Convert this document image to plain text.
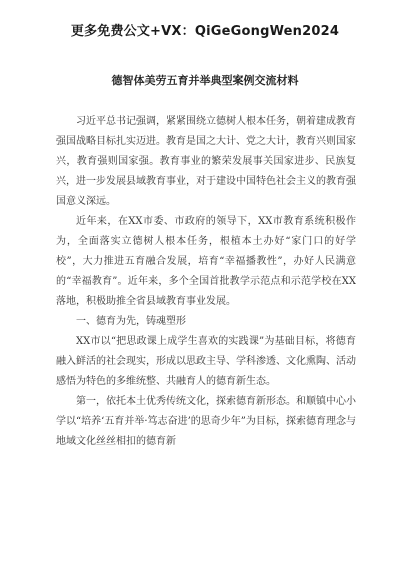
更多免费公文+VX：QiGeGongWen2024
德智体美劳五育并举典型案例交流材料

习近平总书记强调，紧紧围绕立德树人根本任务，朝着建成教育强国战略目标扎实迈进。教育是国之大计、党之大计，教育兴则国家兴，教育强则国家强。教育事业的繁荣发展事关国家进步、民族复兴，进一步发展县域教育事业，对于建设中国特色社会主义的教育强国意义深远。

近年来，在XX市委、市政府的领导下，XX市教育系统积极作为，全面落实立德树人根本任务，根植本土办好“家门口的好学校”，大力推进五育融合发展，培育“幸福播教性”，办好人民满意的“幸福教育”。近年来，多个全国首批教学示范点和示范学校在XX落地，积极助推全省县域教育事业发展。

一、德育为先，铸魂塑形

XX市以“把思政课上成学生喜欢的实践课”为基础目标，将德育融入鲜活的社会现实，形成以思政主导、学科渗透、文化熏陶、活动感悟为特色的多维统整、共融育人的德育新生态。

第一，依托本土优秀传统文化，探索德育新形态。和顺镇中心小学以“培养‘五育并举·笃志奋进’的思奇少年”为目标，探索德育理念与地域文化丝丝相扣的德育新
